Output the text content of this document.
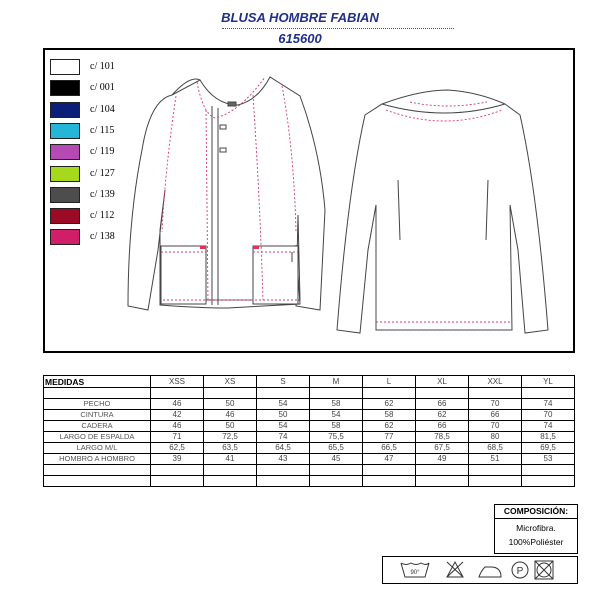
BLUSA HOMBRE FABIAN
615600
c/ 101
c/ 001
c/ 104
c/ 115
c/ 119
c/ 127
c/ 139
c/ 112
c/ 138
MEDIDAS	XSS	XS	S	M	L	XL	XXL	YL

PECHO	46	50	54	58	62	66	70	74
CINTURA	42	46	50	54	58	62	66	70
CADERA	46	50	54	58	62	66	70	74
LARGO DE ESPALDA	71	72,5	74	75,5	77	78,5	80	81,5
LARGO M/L	62,5	63,5	64,5	65,5	66,5	67,5	68,5	69,5
HOMBRO A HOMBRO	39	41	43	45	47	49	51	53

COMPOSICIÓN:
Microfibra.
100%Poliéster
90°	P
